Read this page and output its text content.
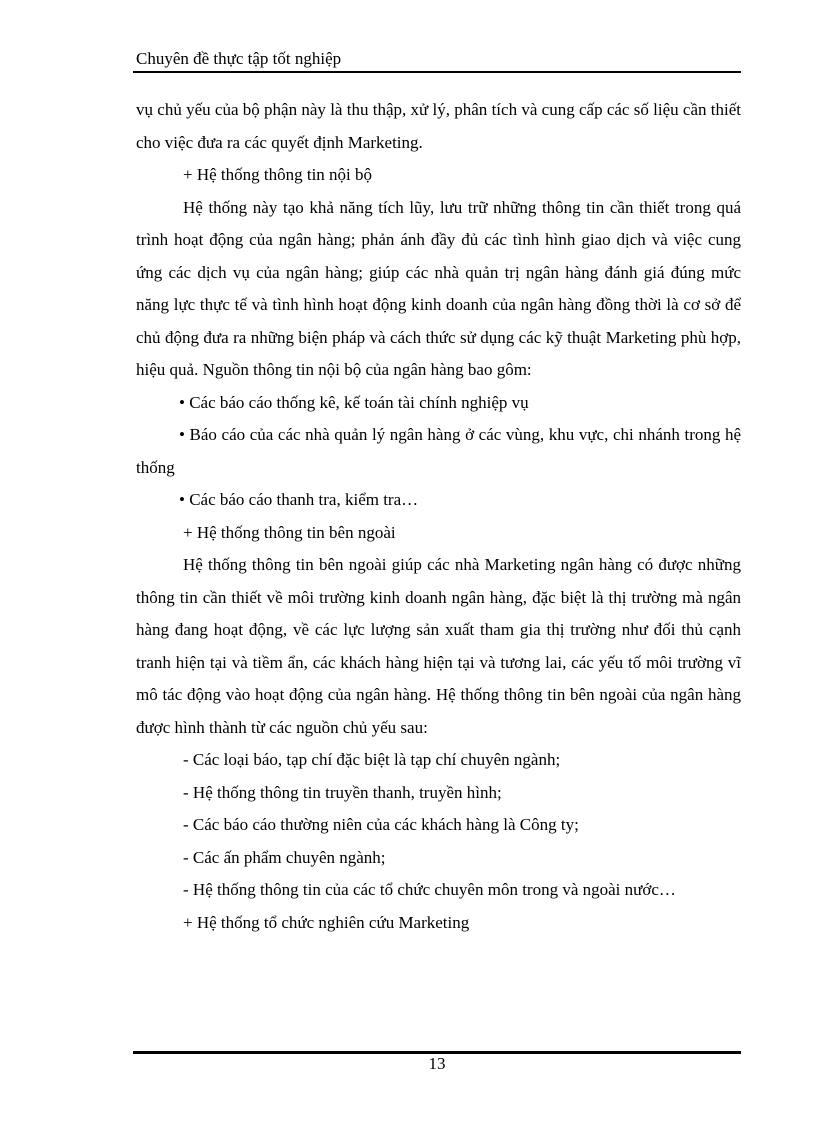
Chuyên đề thực tập tốt nghiệp

vụ chủ yếu của bộ phận này là thu thập, xử lý, phân tích và cung cấp các số liệu cần thiết cho việc đưa ra các quyết định Marketing.

+ Hệ thống thông tin nội bộ

Hệ thống này tạo khả năng tích lũy, lưu trữ những thông tin cần thiết trong quá trình hoạt động của ngân hàng; phản ánh đầy đủ các tình hình giao dịch và việc cung ứng các dịch vụ của ngân hàng; giúp các nhà quản trị ngân hàng đánh giá đúng mức năng lực thực tế và tình hình hoạt động kinh doanh của ngân hàng đồng thời là cơ sở để chủ động đưa ra những biện pháp và cách thức sử dụng các kỹ thuật Marketing phù hợp, hiệu quả. Nguồn thông tin nội bộ của ngân hàng bao gôm:

• Các báo cáo thống kê, kế toán tài chính nghiệp vụ

• Báo cáo của các nhà quản lý ngân hàng ở các vùng, khu vực, chi nhánh trong hệ thống

• Các báo cáo thanh tra, kiểm tra…

+ Hệ thống thông tin bên ngoài

Hệ thống thông tin bên ngoài giúp các nhà Marketing ngân hàng có được những thông tin cần thiết về môi trường kinh doanh ngân hàng, đặc biệt là thị trường mà ngân hàng đang hoạt động, về các lực lượng sản xuất tham gia thị trường như đối thủ cạnh tranh hiện tại và tiềm ẩn, các khách hàng hiện tại và tương lai, các yếu tố môi trường vĩ mô tác động vào hoạt động của ngân hàng. Hệ thống thông tin bên ngoài của ngân hàng được hình thành từ các nguồn chủ yếu sau:

- Các loại báo, tạp chí đặc biệt là tạp chí chuyên ngành;

- Hệ thống thông tin truyền thanh, truyền hình;

- Các báo cáo thường niên của các khách hàng là Công ty;

- Các ấn phẩm chuyên ngành;

- Hệ thống thông tin của các tổ chức chuyên môn trong và ngoài nước…

+ Hệ thống tổ chức nghiên cứu Marketing

13
